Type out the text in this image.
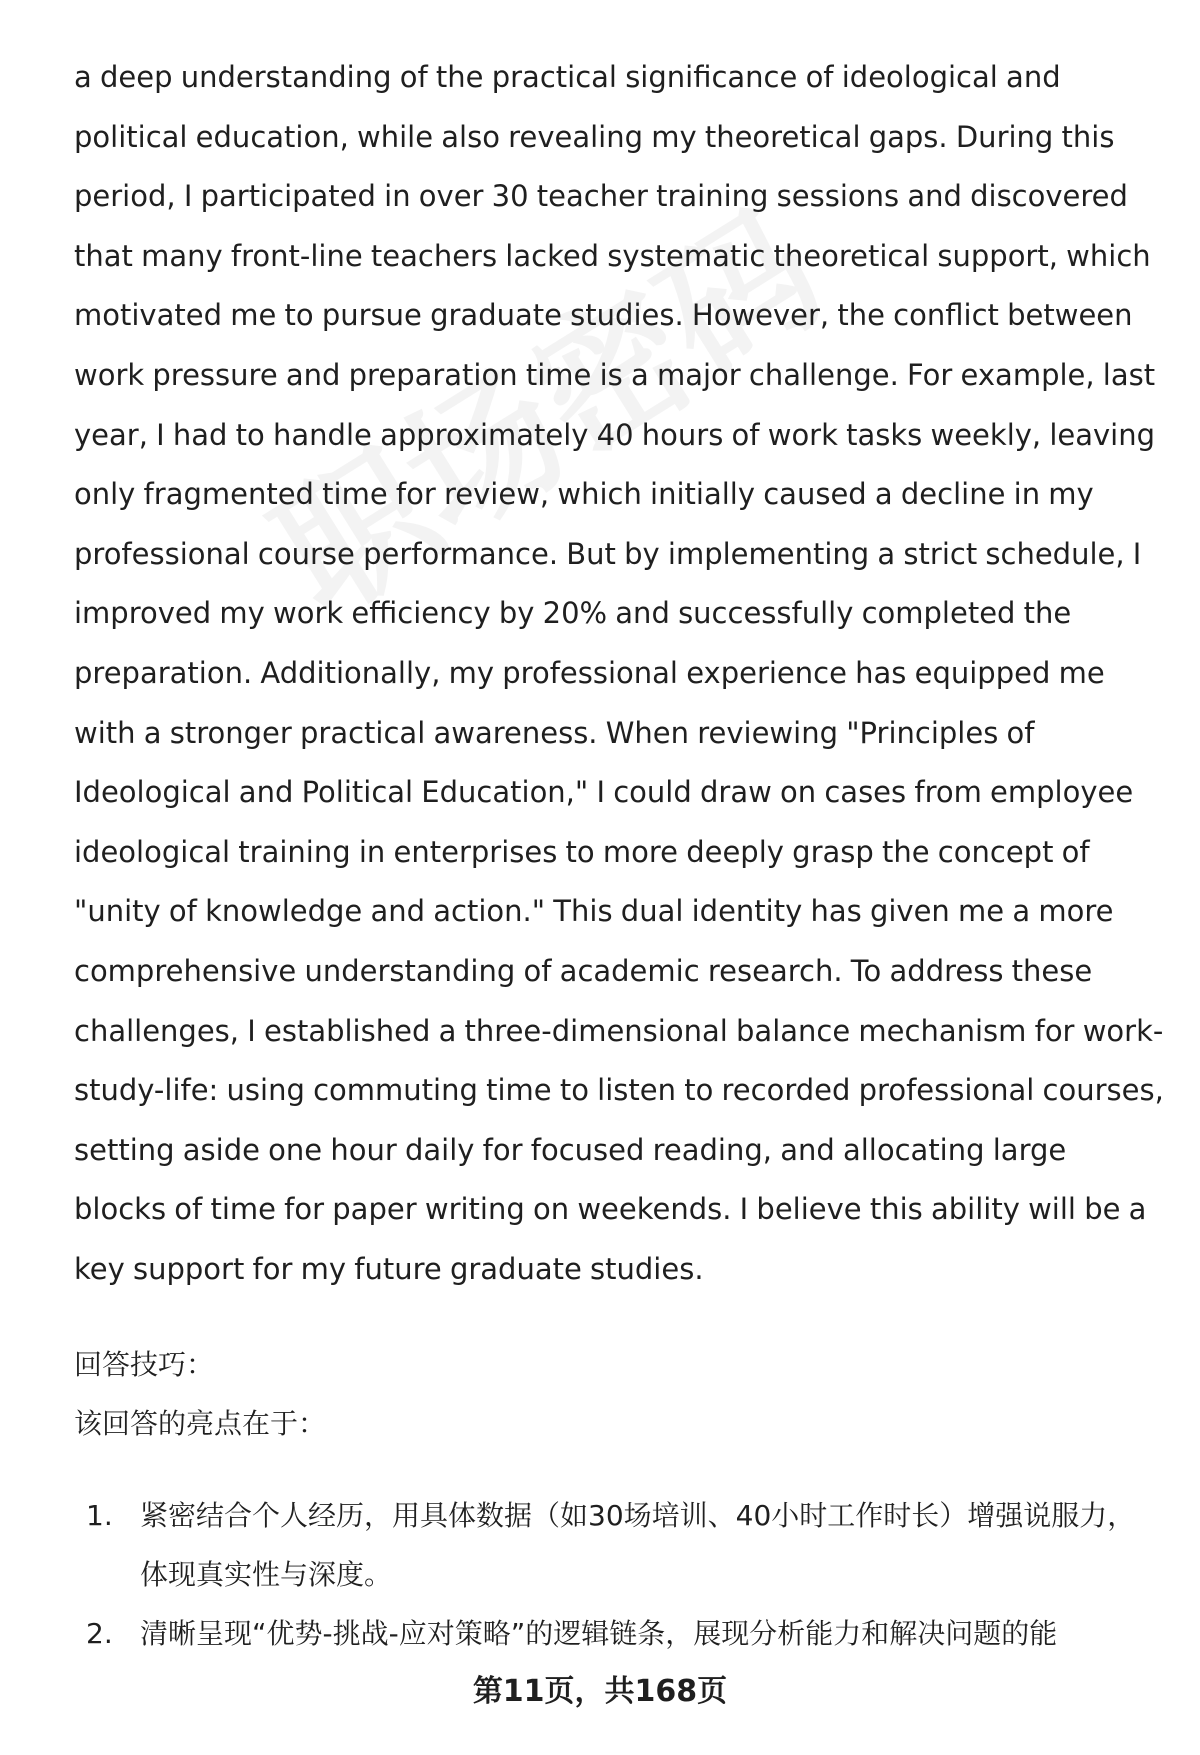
a deep understanding of the practical significance of ideological and political education, while also revealing my theoretical gaps. During this period, I participated in over 30 teacher training sessions and discovered that many front-line teachers lacked systematic theoretical support, which motivated me to pursue graduate studies. However, the conflict between work pressure and preparation time is a major challenge. For example, last year, I had to handle approximately 40 hours of work tasks weekly, leaving only fragmented time for review, which initially caused a decline in my professional course performance. But by implementing a strict schedule, I improved my work efficiency by 20% and successfully completed the preparation. Additionally, my professional experience has equipped me with a stronger practical awareness. When reviewing "Principles of Ideological and Political Education," I could draw on cases from employee ideological training in enterprises to more deeply grasp the concept of "unity of knowledge and action." This dual identity has given me a more comprehensive understanding of academic research. To address these challenges, I established a three-dimensional balance mechanism for work-study-life: using commuting time to listen to recorded professional courses, setting aside one hour daily for focused reading, and allocating large blocks of time for paper writing on weekends. I believe this ability will be a key support for my future graduate studies.

回答技巧：

该回答的亮点在于：

1. 紧密结合个人经历，用具体数据（如30场培训、40小时工作时长）增强说服力，体现真实性与深度。
2. 清晰呈现“优势-挑战-应对策略”的逻辑链条，展现分析能力和解决问题的能
第11页，共168页
